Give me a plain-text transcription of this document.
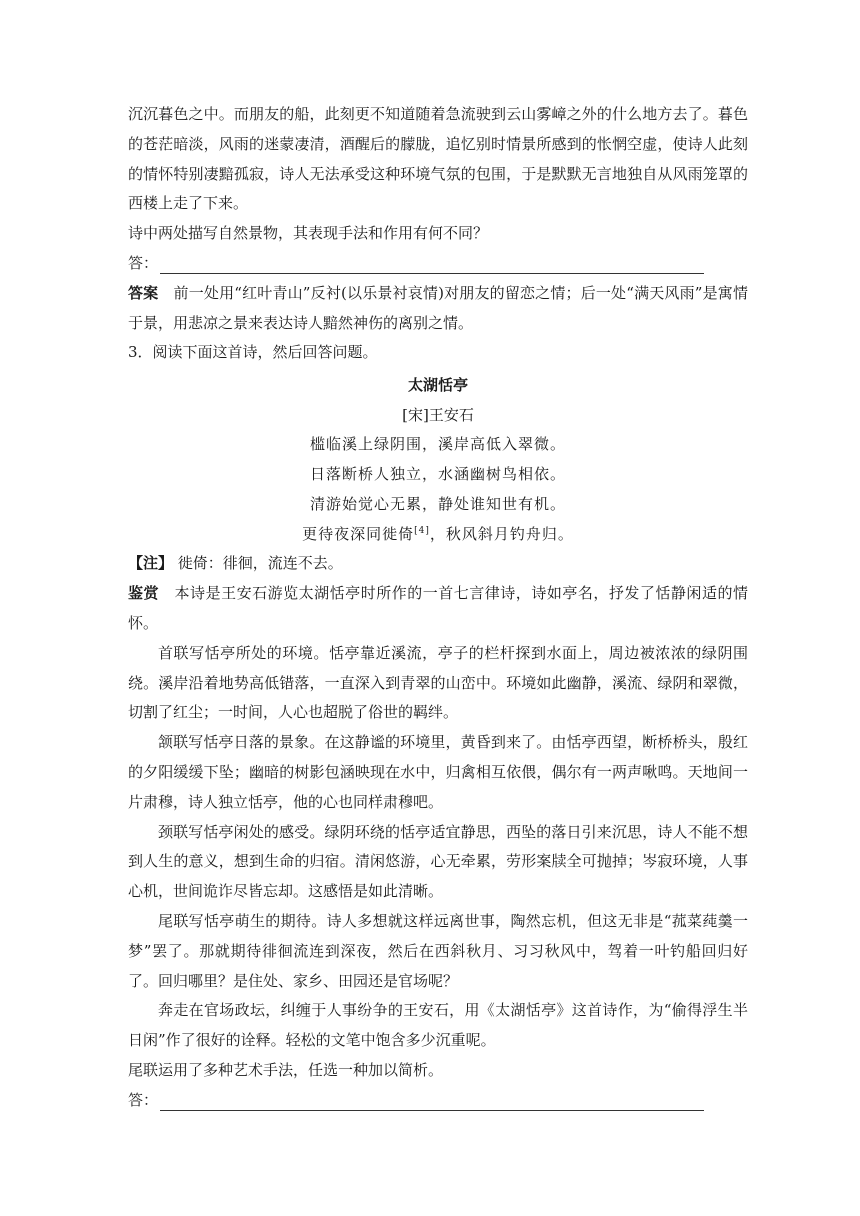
沉沉暮色之中。而朋友的船，此刻更不知道随着急流驶到云山雾嶂之外的什么地方去了。暮色的苍茫暗淡，风雨的迷蒙凄清，酒醒后的朦胧，追忆别时情景所感到的怅惘空虚，使诗人此刻的情怀特别凄黯孤寂，诗人无法承受这种环境气氛的包围，于是默默无言地独自从风雨笼罩的西楼上走了下来。

诗中两处描写自然景物，其表现手法和作用有何不同？

答：

答案　 前一处用“红叶青山”反衬(以乐景衬哀情)对朋友的留恋之情；后一处“满天风雨”是寓情于景，用悲凉之景来表达诗人黯然神伤的离别之情。

3．阅读下面这首诗，然后回答问题。

太湖恬亭

[宋]王安石

槛临溪上绿阴围，溪岸高低入翠微。

日落断桥人独立，水涵幽树鸟相依。

清游始觉心无累，静处谁知世有机。

更待夜深同徙倚[4]，秋风斜月钓舟归。

【注】 徙倚：徘徊，流连不去。

鉴赏　 本诗是王安石游览太湖恬亭时所作的一首七言律诗，诗如亭名，抒发了恬静闲适的情怀。

首联写恬亭所处的环境。恬亭靠近溪流，亭子的栏杆探到水面上，周边被浓浓的绿阴围绕。溪岸沿着地势高低错落，一直深入到青翠的山峦中。环境如此幽静，溪流、绿阴和翠微，切割了红尘；一时间，人心也超脱了俗世的羁绊。

颔联写恬亭日落的景象。在这静谧的环境里，黄昏到来了。由恬亭西望，断桥桥头，殷红的夕阳缓缓下坠；幽暗的树影包涵映现在水中，归禽相互依偎，偶尔有一两声啾鸣。天地间一片肃穆，诗人独立恬亭，他的心也同样肃穆吧。

颈联写恬亭闲处的感受。绿阴环绕的恬亭适宜静思，西坠的落日引来沉思，诗人不能不想到人生的意义，想到生命的归宿。清闲悠游，心无牵累，劳形案牍全可抛掉；岑寂环境，人事心机，世间诡诈尽皆忘却。这感悟是如此清晰。

尾联写恬亭萌生的期待。诗人多想就这样远离世事，陶然忘机，但这无非是“菰菜莼羹一梦”罢了。那就期待徘徊流连到深夜，然后在西斜秋月、习习秋风中，驾着一叶钓船回归好了。回归哪里？是住处、家乡、田园还是官场呢？

奔走在官场政坛，纠缠于人事纷争的王安石，用《太湖恬亭》这首诗作，为“偷得浮生半日闲”作了很好的诠释。轻松的文笔中饱含多少沉重呢。

尾联运用了多种艺术手法，任选一种加以简析。

答：
